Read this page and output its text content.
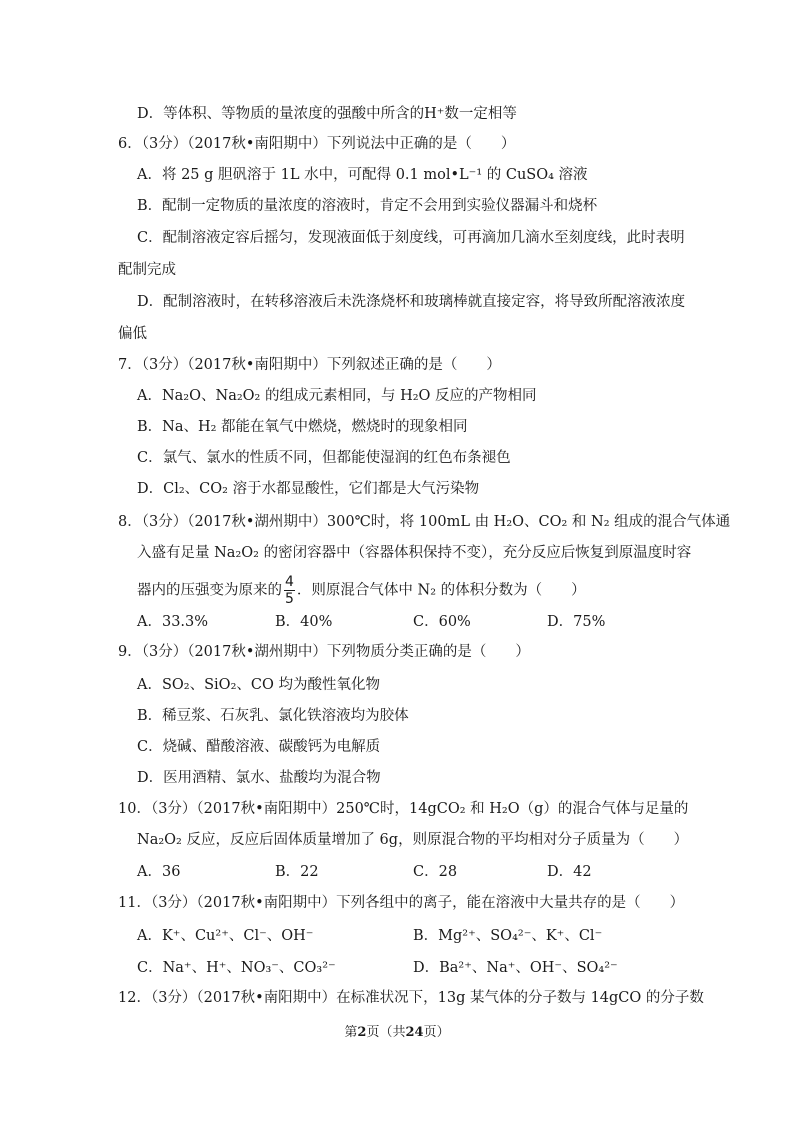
D．等体积、等物质的量浓度的强酸中所含的H⁺数一定相等
6．（3分）（2017秋•南阳期中）下列说法中正确的是（　　）
A．将 25 g 胆矾溶于 1L 水中，可配得 0.1 mol•L⁻¹ 的 CuSO₄ 溶液
B．配制一定物质的量浓度的溶液时，肯定不会用到实验仪器漏斗和烧杯
C．配制溶液定容后摇匀，发现液面低于刻度线，可再滴加几滴水至刻度线，此时表明
配制完成
D．配制溶液时，在转移溶液后未洗涤烧杯和玻璃棒就直接定容，将导致所配溶液浓度
偏低
7．（3分）（2017秋•南阳期中）下列叙述正确的是（　　）
A．Na₂O、Na₂O₂ 的组成元素相同，与 H₂O 反应的产物相同
B．Na、H₂ 都能在氧气中燃烧，燃烧时的现象相同
C．氯气、氯水的性质不同，但都能使湿润的红色布条褪色
D．Cl₂、CO₂ 溶于水都显酸性，它们都是大气污染物
8．（3分）（2017秋•湖州期中）300℃时，将 100mL 由 H₂O、CO₂ 和 N₂ 组成的混合气体通
入盛有足量 Na₂O₂ 的密闭容器中（容器体积保持不变），充分反应后恢复到原温度时容
器内的压强变为原来的 $\frac{4}{5}$ ．则原混合气体中 N₂ 的体积分数为（　　）
A．33.3%	B．40%	C．60%	D．75%
9．（3分）（2017秋•湖州期中）下列物质分类正确的是（　　）
A．SO₂、SiO₂、CO 均为酸性氧化物
B．稀豆浆、石灰乳、氯化铁溶液均为胶体
C．烧碱、醋酸溶液、碳酸钙为电解质
D．医用酒精、氯水、盐酸均为混合物
10．（3分）（2017秋•南阳期中）250℃时，14gCO₂ 和 H₂O（g）的混合气体与足量的
Na₂O₂ 反应，反应后固体质量增加了 6g，则原混合物的平均相对分子质量为（　　）
A．36	B．22	C．28	D．42
11．（3分）（2017秋•南阳期中）下列各组中的离子，能在溶液中大量共存的是（　　）
A．K⁺、Cu²⁺、Cl⁻、OH⁻	B．Mg²⁺、SO₄²⁻、K⁺、Cl⁻
C．Na⁺、H⁺、NO₃⁻、CO₃²⁻	D．Ba²⁺、Na⁺、OH⁻、SO₄²⁻
12．（3分）（2017秋•南阳期中）在标准状况下，13g 某气体的分子数与 14gCO 的分子数
第2页（共24页）
